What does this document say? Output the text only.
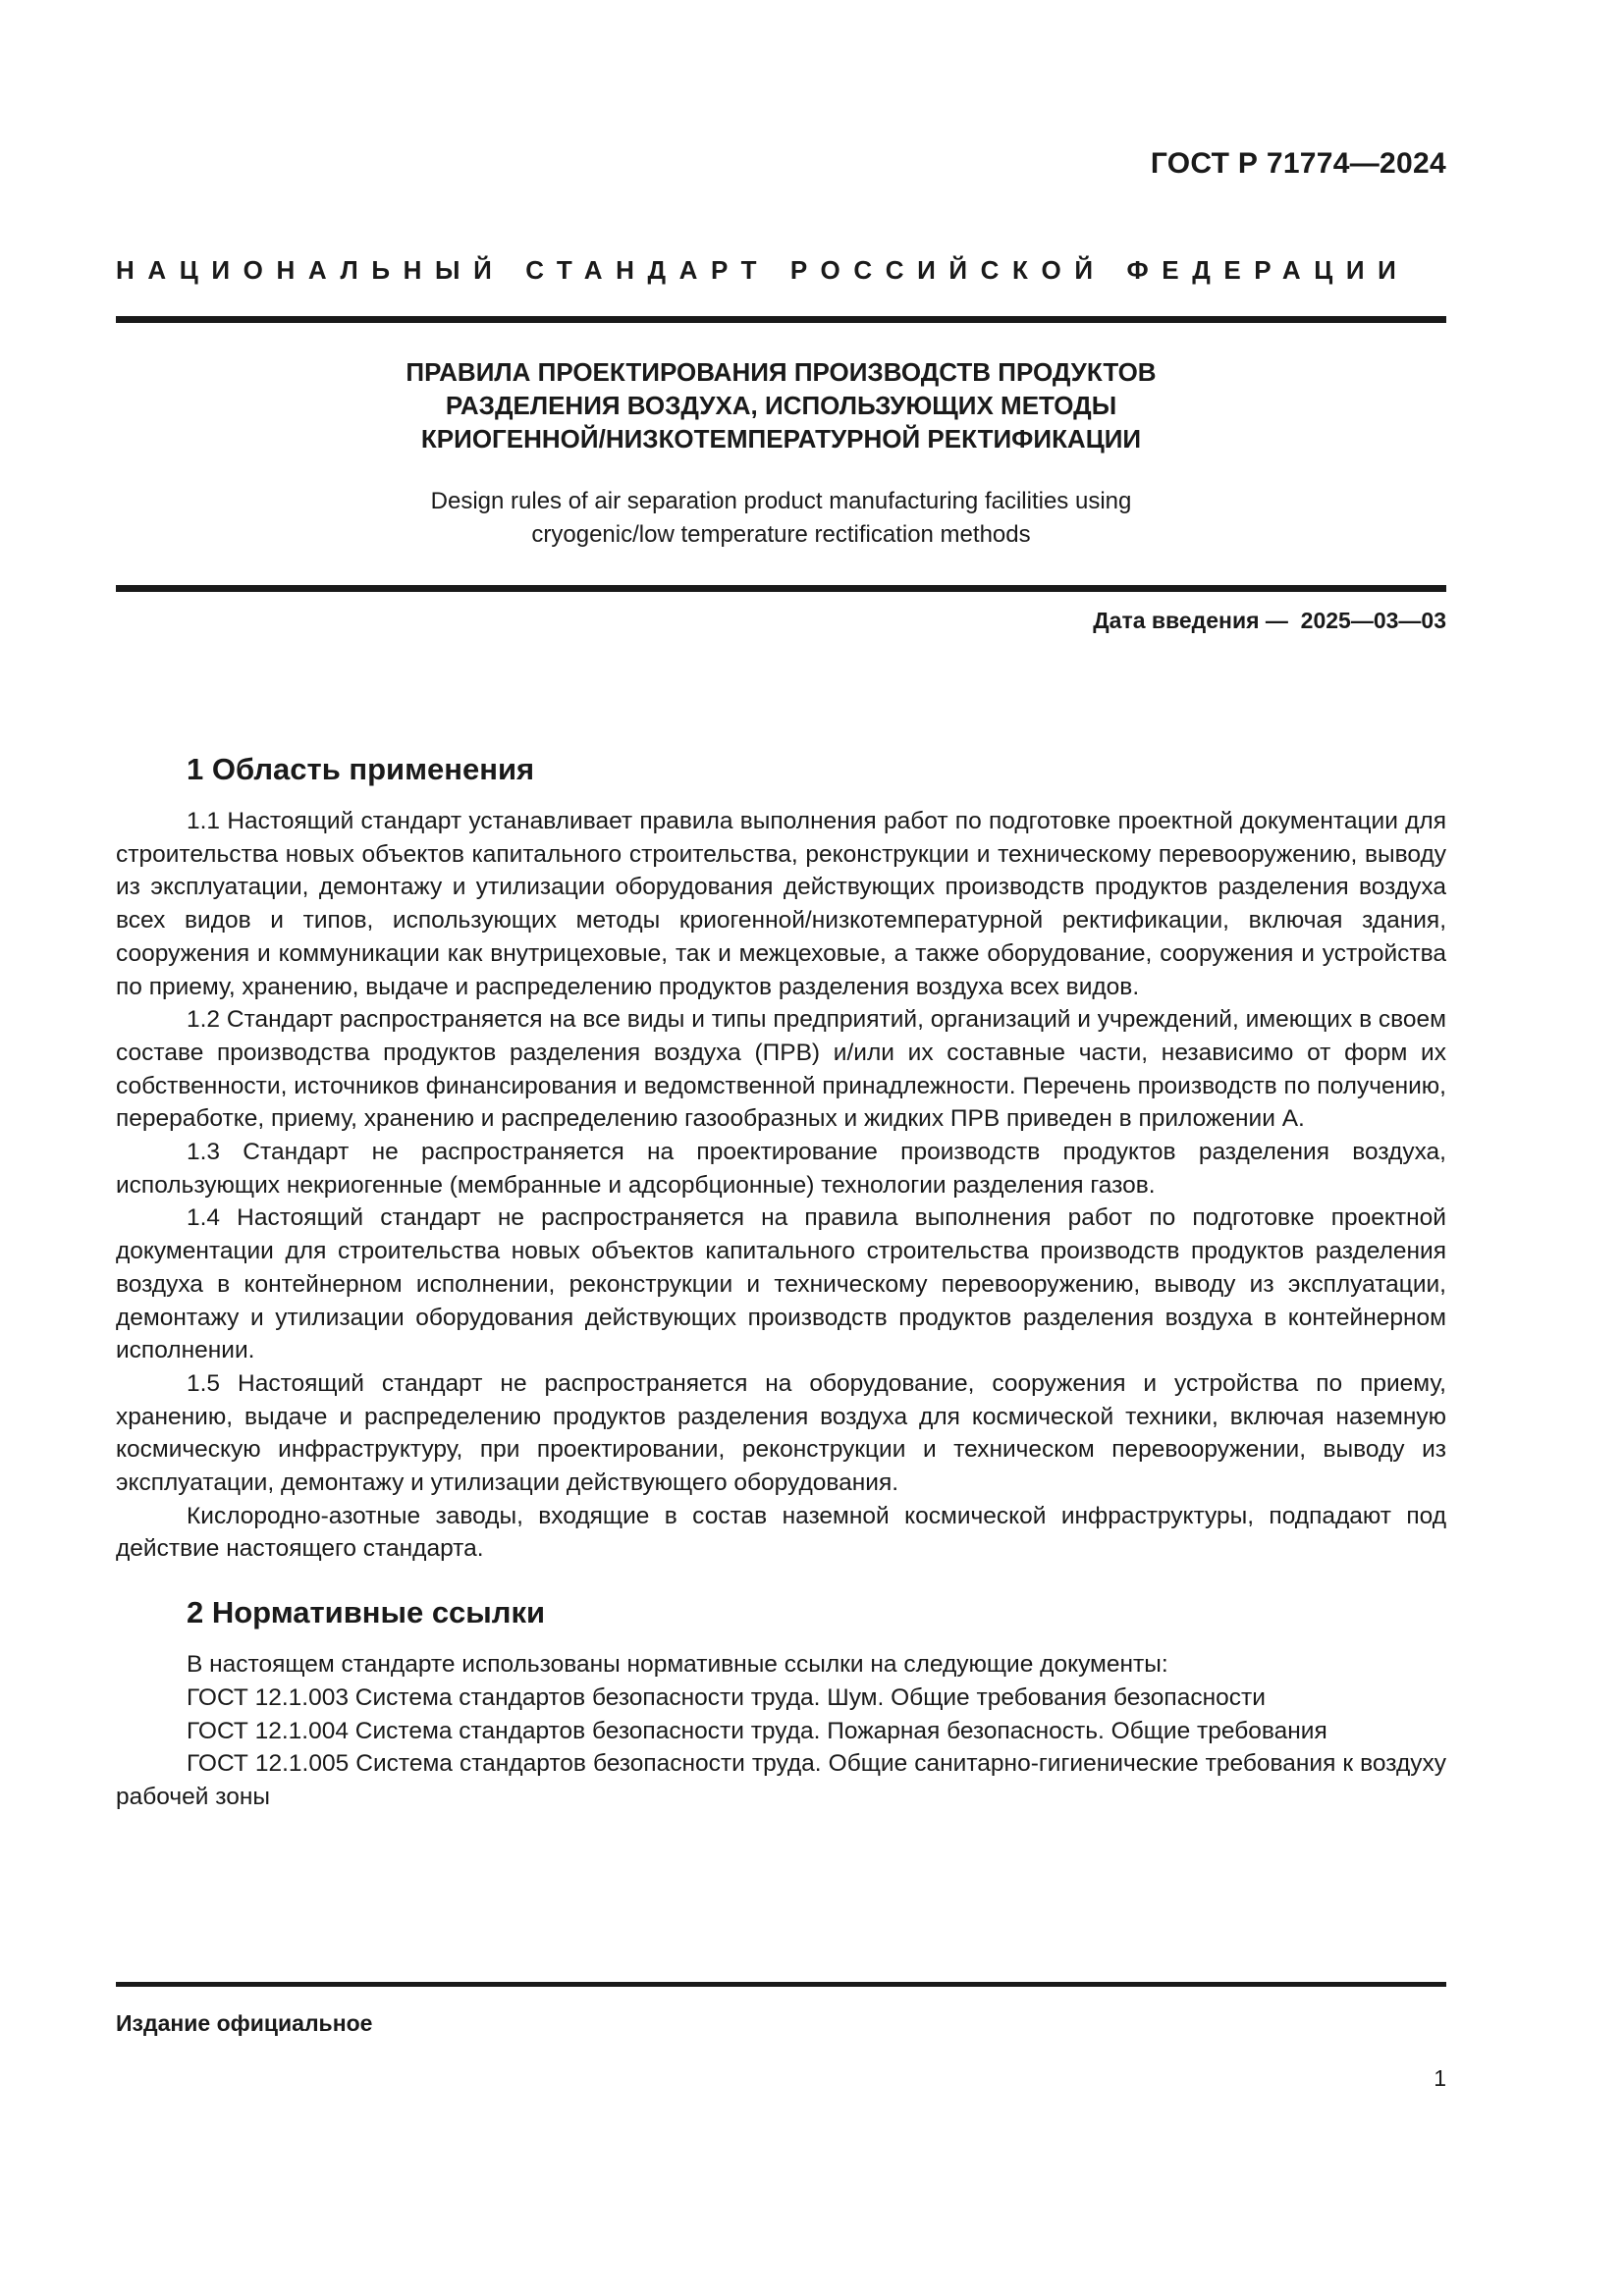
ГОСТ Р 71774—2024
НАЦИОНАЛЬНЫЙ СТАНДАРТ РОССИЙСКОЙ ФЕДЕРАЦИИ
ПРАВИЛА ПРОЕКТИРОВАНИЯ ПРОИЗВОДСТВ ПРОДУКТОВ
РАЗДЕЛЕНИЯ ВОЗДУХА, ИСПОЛЬЗУЮЩИХ МЕТОДЫ
КРИОГЕННОЙ/НИЗКОТЕМПЕРАТУРНОЙ РЕКТИФИКАЦИИ
Design rules of air separation product manufacturing facilities using
cryogenic/low temperature rectification methods
Дата введения —  2025—03—03
1 Область применения

1.1 Настоящий стандарт устанавливает правила выполнения работ по подготовке проектной документации для строительства новых объектов капитального строительства, реконструкции и техническому перевооружению, выводу из эксплуатации, демонтажу и утилизации оборудования действующих производств продуктов разделения воздуха всех видов и типов, использующих методы криогенной/низкотемпературной ректификации, включая здания, сооружения и коммуникации как внутрицеховые, так и межцеховые, а также оборудование, сооружения и устройства по приему, хранению, выдаче и распределению продуктов разделения воздуха всех видов.

1.2 Стандарт распространяется на все виды и типы предприятий, организаций и учреждений, имеющих в своем составе производства продуктов разделения воздуха (ПРВ) и/или их составные части, независимо от форм их собственности, источников финансирования и ведомственной принадлежности. Перечень производств по получению, переработке, приему, хранению и распределению газообразных и жидких ПРВ приведен в приложении А.

1.3 Стандарт не распространяется на проектирование производств продуктов разделения воздуха, использующих некриогенные (мембранные и адсорбционные) технологии разделения газов.

1.4 Настоящий стандарт не распространяется на правила выполнения работ по подготовке проектной документации для строительства новых объектов капитального строительства производств продуктов разделения воздуха в контейнерном исполнении, реконструкции и техническому перевооружению, выводу из эксплуатации, демонтажу и утилизации оборудования действующих производств продуктов разделения воздуха в контейнерном исполнении.

1.5 Настоящий стандарт не распространяется на оборудование, сооружения и устройства по приему, хранению, выдаче и распределению продуктов разделения воздуха для космической техники, включая наземную космическую инфраструктуру, при проектировании, реконструкции и техническом перевооружении, выводу из эксплуатации, демонтажу и утилизации действующего оборудования.

Кислородно-азотные заводы, входящие в состав наземной космической инфраструктуры, подпадают под действие настоящего стандарта.

2 Нормативные ссылки

В настоящем стандарте использованы нормативные ссылки на следующие документы:

ГОСТ 12.1.003 Система стандартов безопасности труда. Шум. Общие требования безопасности

ГОСТ 12.1.004 Система стандартов безопасности труда. Пожарная безопасность. Общие требования

ГОСТ 12.1.005 Система стандартов безопасности труда. Общие санитарно-гигиенические требования к воздуху рабочей зоны

Издание официальное
1
